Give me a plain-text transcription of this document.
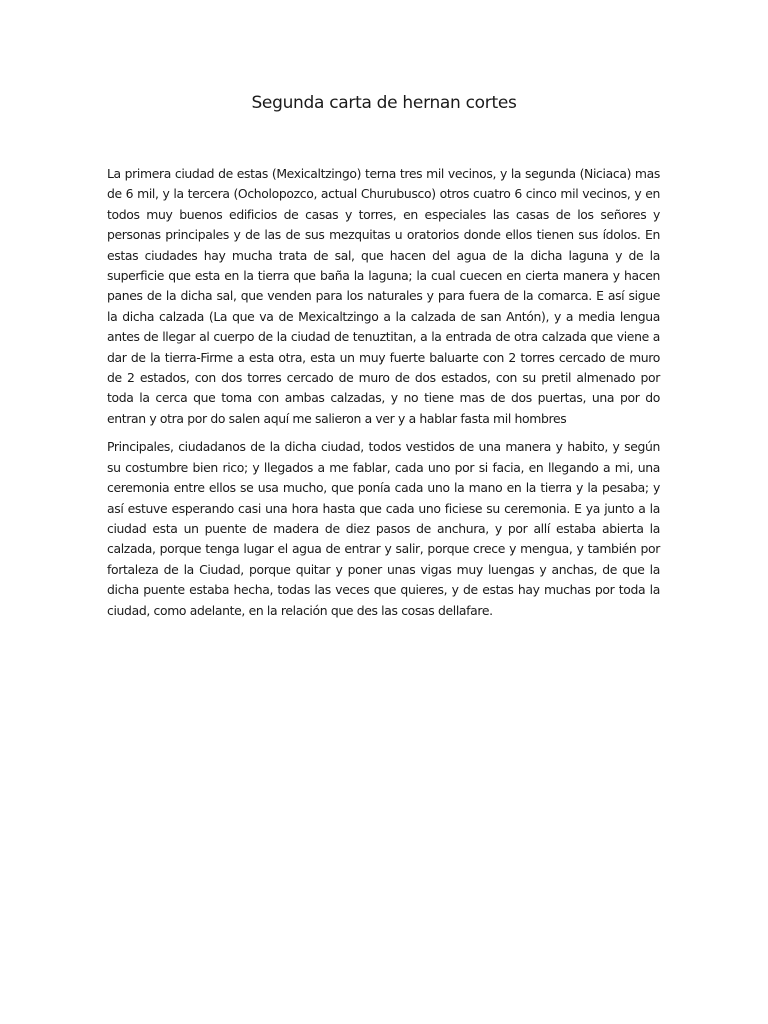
Segunda carta de hernan cortes

La primera ciudad de estas (Mexicaltzingo) terna tres mil vecinos, y la segunda (Niciaca) mas de 6 mil, y la tercera (Ocholopozco, actual Churubusco) otros cuatro 6 cinco mil vecinos, y en todos muy buenos edificios de casas y torres, en especiales las casas de los señores y personas principales y de las de sus mezquitas u oratorios donde ellos tienen sus ídolos. En estas ciudades hay mucha trata de sal, que hacen del agua de la dicha laguna y de la superficie que esta en la tierra que baña la laguna; la cual cuecen en cierta manera y hacen panes de la dicha sal, que venden para los naturales y para fuera de la comarca. E así sigue la dicha calzada (La que va de Mexicaltzingo a la calzada de san Antón), y a media lengua antes de llegar al cuerpo de la ciudad de tenuztitan, a la entrada de otra calzada que viene a dar de la tierra-Firme a esta otra, esta un muy fuerte baluarte con 2 torres cercado de muro de 2 estados, con dos torres cercado de muro de dos estados, con su pretil almenado por toda la cerca que toma con ambas calzadas, y no tiene mas de dos puertas, una por do entran y otra por do salen aquí me salieron a ver y a hablar fasta mil hombres

Principales, ciudadanos de la dicha ciudad, todos vestidos de una manera y habito, y según su costumbre bien rico; y llegados a me fablar, cada uno por si facia, en llegando a mi, una ceremonia entre ellos se usa mucho, que ponía cada uno la mano en la tierra y la pesaba; y así estuve esperando casi una hora hasta que cada uno ficiese su ceremonia. E ya junto a la ciudad esta un puente de madera de diez pasos de anchura, y por allí estaba abierta la calzada, porque tenga lugar el agua de entrar y salir, porque crece y mengua, y también por fortaleza de la Ciudad, porque quitar y poner unas vigas muy luengas y anchas, de que la dicha puente estaba hecha, todas las veces que quieres, y de estas hay muchas por toda la ciudad, como adelante, en la relación que des las cosas dellafare.
